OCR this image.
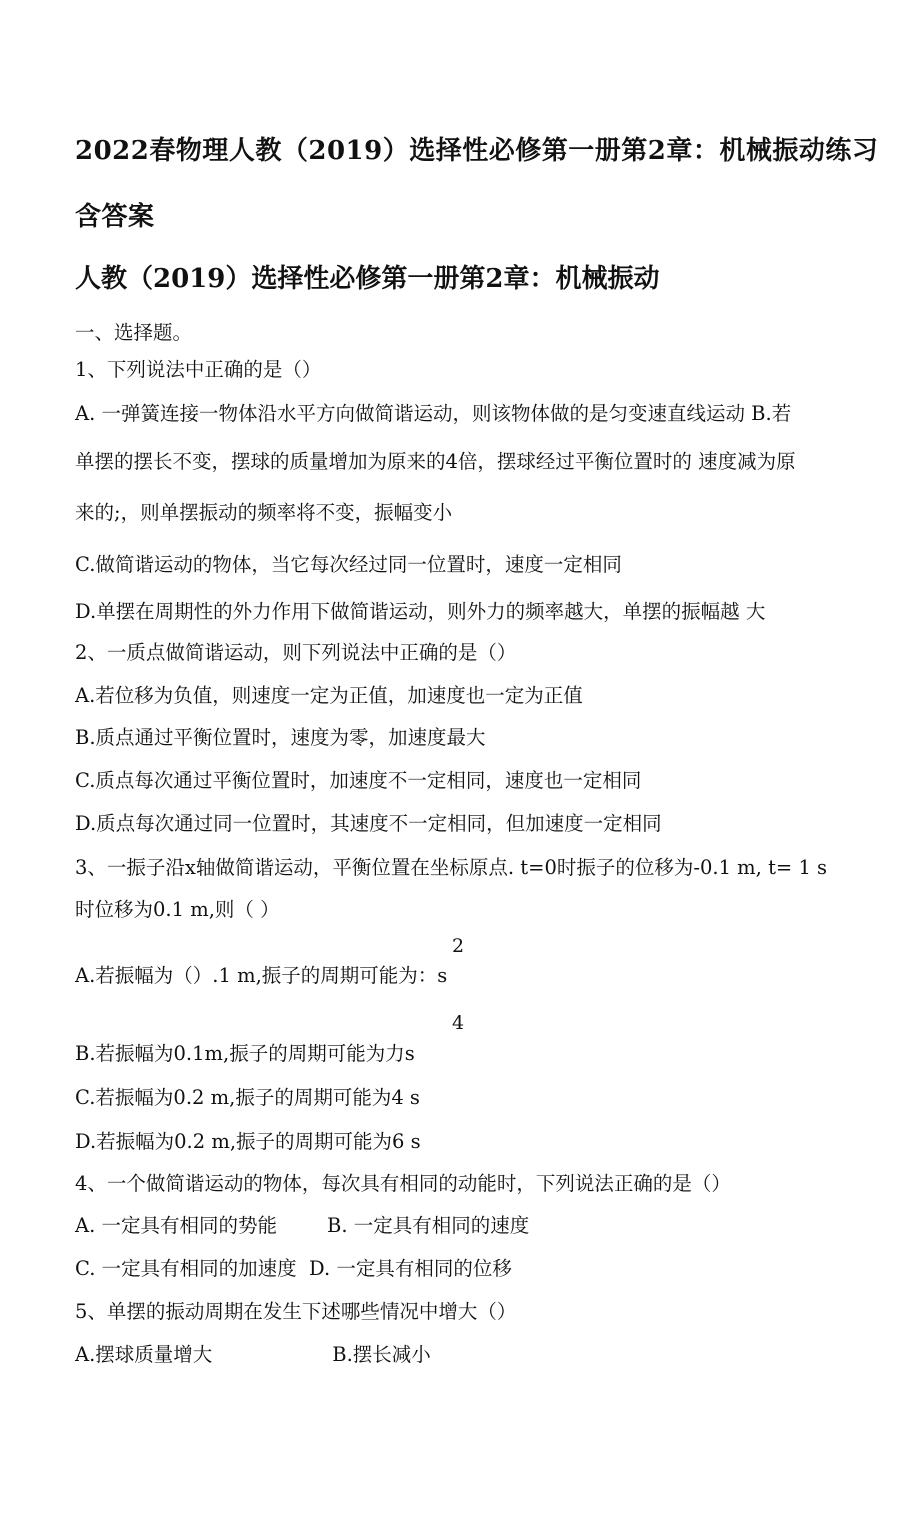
2022春物理人教（2019）选择性必修第一册第2章：机械振动练习
含答案
人教（2019）选择性必修第一册第2章：机械振动
一、选择题。
1、下列说法中正确的是（）
A. 一弹簧连接一物体沿水平方向做简谐运动，则该物体做的是匀变速直线运动 B.若
单摆的摆长不变，摆球的质量增加为原来的4倍，摆球经过平衡位置时的 速度减为原
来的;，则单摆振动的频率将不变，振幅变小
C.做简谐运动的物体，当它每次经过同一位置时，速度一定相同
D.单摆在周期性的外力作用下做简谐运动，则外力的频率越大，单摆的振幅越 大
2、一质点做简谐运动，则下列说法中正确的是（）
A.若位移为负值，则速度一定为正值，加速度也一定为正值
B.质点通过平衡位置时，速度为零，加速度最大
C.质点每次通过平衡位置时，加速度不一定相同，速度也一定相同
D.质点每次通过同一位置时，其速度不一定相同，但加速度一定相同
3、一振子沿x轴做简谐运动，平衡位置在坐标原点. t=0时振子的位移为-0.1 m, t= 1 s
时位移为0.1 m,则（ ）
2
A.若振幅为（）.1 m,振子的周期可能为：s
4
B.若振幅为0.1m,振子的周期可能为力s
C.若振幅为0.2 m,振子的周期可能为4 s
D.若振幅为0.2 m,振子的周期可能为6 s
4、一个做简谐运动的物体，每次具有相同的动能时，下列说法正确的是（）
A. 一定具有相同的势能	B. 一定具有相同的速度
C. 一定具有相同的加速度 D. 一定具有相同的位移
5、单摆的振动周期在发生下述哪些情况中增大（）
A.摆球质量增大	B.摆长减小
